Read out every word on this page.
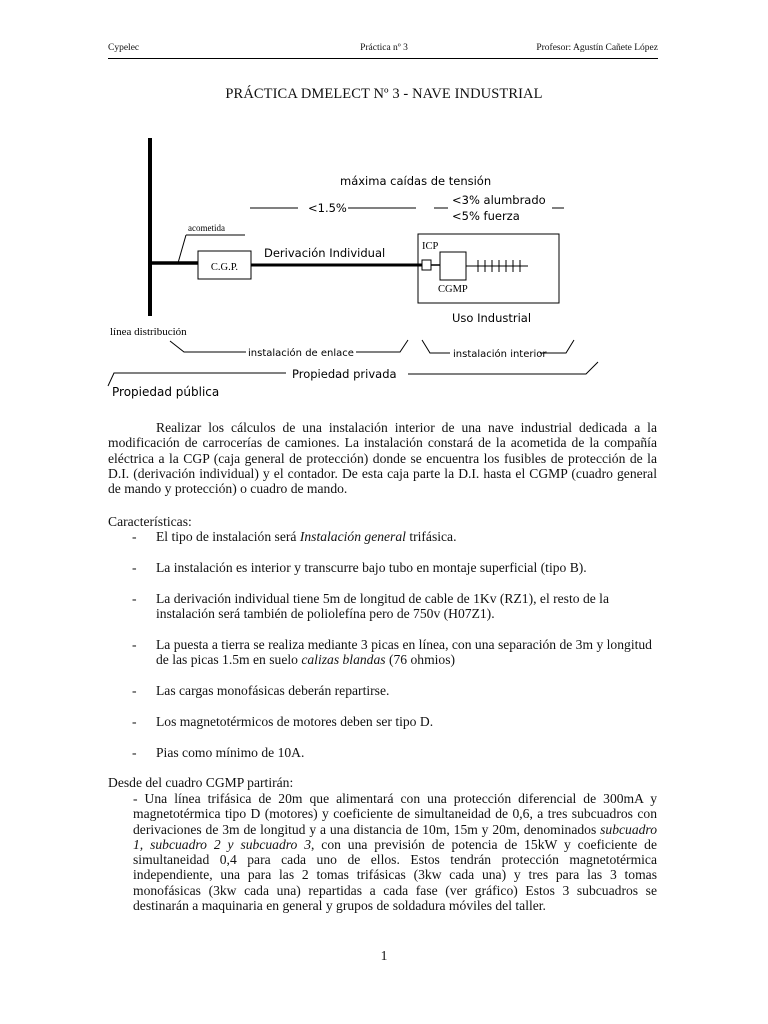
Cypelec	Práctica nº 3	Profesor: Agustín Cañete López
PRÁCTICA DMELECT Nº 3 - NAVE INDUSTRIAL
acometida
C.G.P.
Derivación Individual
máxima caídas de tensión
<1.5%
<3% alumbrado
<5% fuerza
ICP
CGMP
Uso Industrial
línea distribución
instalación de enlace	instalación interior
Propiedad privada
Propiedad pública
Realizar los cálculos de una instalación interior de una nave industrial dedicada a la modificación de carrocerías de camiones. La instalación constará de la acometida de la compañía eléctrica a la CGP (caja general de protección) donde se encuentra los fusibles de protección de la D.I. (derivación individual) y el contador. De esta caja parte la D.I. hasta el CGMP (cuadro general de mando y protección) o cuadro de mando.
Características:
- El tipo de instalación será Instalación general trifásica.
- La instalación es interior y transcurre bajo tubo en montaje superficial (tipo B).
- La derivación individual tiene 5m de longitud de cable de 1Kv (RZ1), el resto de la instalación será también de poliolefína pero de 750v (H07Z1).
- La puesta a tierra se realiza mediante 3 picas en línea, con una separación de 3m y longitud de las picas 1.5m en suelo calizas blandas (76 ohmios)
- Las cargas monofásicas deberán repartirse.
- Los magnetotérmicos de motores deben ser tipo D.
- Pias como mínimo de 10A.
Desde del cuadro CGMP partirán:
- Una línea trifásica de 20m que alimentará con una protección diferencial de 300mA y magnetotérmica tipo D (motores) y coeficiente de simultaneidad de 0,6, a tres subcuadros con derivaciones de 3m de longitud y a una distancia de 10m, 15m y 20m, denominados subcuadro 1, subcuadro 2 y subcuadro 3, con una previsión de potencia de 15kW y coeficiente de simultaneidad 0,4 para cada uno de ellos. Estos tendrán protección magnetotérmica independiente, una para las 2 tomas trifásicas (3kw cada una) y tres para las 3 tomas monofásicas (3kw cada una) repartidas a cada fase (ver gráfico) Estos 3 subcuadros se destinarán a maquinaria en general y grupos de soldadura móviles del taller.
1
